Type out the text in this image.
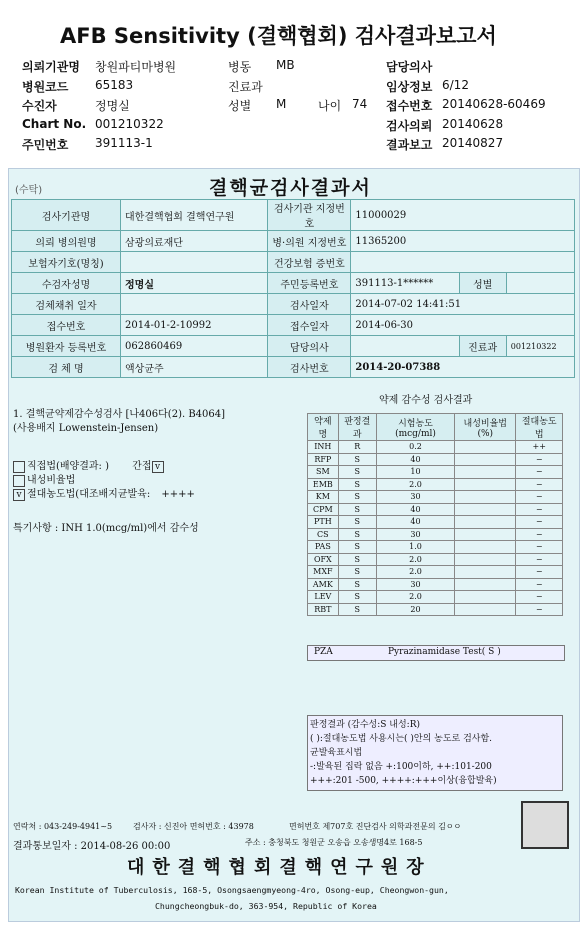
AFB Sensitivity (결핵협회) 검사결과보고서
의뢰기관명 창원파티마병원
병원코드 65183
수진자	정명실
Chart No. 001210322
주민번호 391113-1
병동 MB
진료과
성별 M	나이 74
담당의사
임상정보 6/12
접수번호 20140628-60469
검사의뢰 20140628
결과보고 20140827
(수탁)	결핵균검사결과서
검사기관명	대한결핵협회 결핵연구원	검사기관 지정번호	11000029		
의뢰 병의원명	삼광의료재단	병·의원 지정번호	11365200		
보험자기호(명칭)		건강보험 증번호			
수검자성명	정명실	주민등록번호	391113-1******	성별	
검체채취 일자		검사일자	2014-07-02 14:41:51		
접수번호	2014-01-2-10992	접수일자	2014-06-30		
병원환자 등록번호	062860469	담당의사		진료과	001210322
검 체 명	액상균주	검사번호	2014-20-07388		
1. 결핵균약제감수성검사 [나406다(2). B4064]
(사용배지 Lowenstein-Jensen)
직접법(배양결과: ) 간접 v
내성비율법
v 절대농도법(대조배지균발육: ++++
특기사항 : INH 1.0(mcg/ml)에서 감수성
약제 감수성 검사결과
약제명	판정결과	시험농도(mcg/ml)	내성비율법(%)	절대농도법
INH	R	0.2		++
RFP	S	40		−
SM	S	10		−
EMB	S	2.0		−
KM	S	30		−
CPM	S	40		−
PTH	S	40		−
CS	S	30		−
PAS	S	1.0		−
OFX	S	2.0		−
MXF	S	2.0		−
AMK	S	30		−
LEV	S	2.0		−
RBT	S	20		−
PZA	Pyrazinamidase Test( S )
판정결과 (감수성:S 내성:R)
( ):절대농도법 사용시는( )안의 농도로 검사함.
균발육표시법
-:발육된 집락 없음 +:100이하, ++:101-200
+++:201 -500, ++++:+++이상(융합발육)
연락처 : 043-249-4941~5	검사자 : 신진아 면허번호 : 43978	면허번호 제707호 진단검사 의학과전문의 김ㅇㅇ
결과통보일자 : 2014-08-26 00:00	주소 : 충청북도 청원군 오송읍 오송생명4로 168-5
대한결핵협회결핵연구원장
Korean Institute of Tuberculosis, 168-5, Osongsaengmyeong-4ro, Osong-eup, Cheongwon-gun,
Chungcheongbuk-do, 363-954, Republic of Korea
